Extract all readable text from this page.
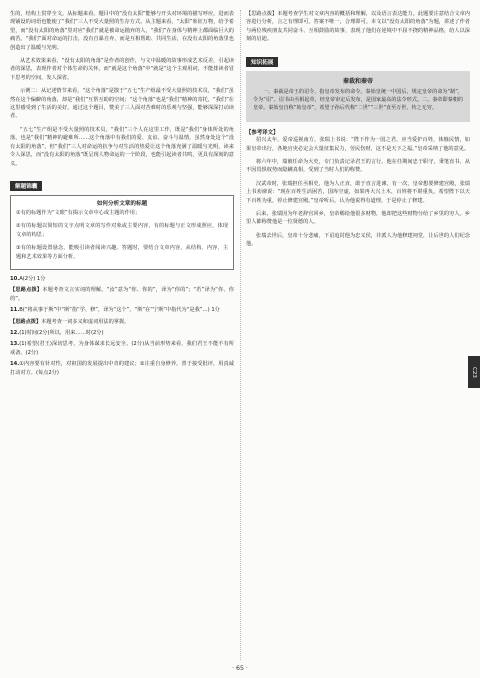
生的，结构上贯穿全文。从标题来看，题目中的“没有太阳”能够与开头对环境的描写呼应，进而表现铺设的词语也能使了“我们”三人不受大量照的生存方式。从主题来看，“太阳”象征万物，给予希望，而“没有太阳的角落”里对应“我们”就是被命运抛弃的人，“我们”在身体与精神上都面临巨大的痛苦。“我们”面对命运的打击，没有自暴自弃，而是互相帮助、共同生活，在没有太阳的角落里也创造出了温暖与光明。

从艺术效果来看，“没有太阳的角落”是作者的创作，与文中温暖的故事形成艺术反差，引起读者的深思，表现作者对个体生命的关怀。而“就是这个角落”中“就是”这个主观用词，不能排读者冒下思考的空间，发人深省。

示例二：从记述情节来看，“这个角落”是散于“五七”生产组最不受大量照的技术员，“我们”虽然在这个偏僻的角落，却是“我们”互帮互助的空间；“这个角落”也是“我们”精神的寄托，“我们”在这里感受到了生活的美好。通过这个题目，赞美了三人面对苦难时的乐观与坚强，能够深深打动读者。

“五七”生产组是不受大量照的技术员，“我们”三个人在这里工作，既是“我们”身体所处的角落，也是“我们”精神的避难所……这个角落中有我们的爱、友谊、奋斗与温情，虽然身处这个“没有太阳的角落”，但“我们”三人对命运的抗争与对生活的热爱让这个角落充满了温暖与光明，读来令人深思，而“没有太阳的角落”既呈现人物命运的一个阶段，也能引起读者共鸣，更具有深刻的意义。

解题锦囊
如何分析文章的标题

①有的标题作为“文眼”有揭示文章中心或主题的作用；

②有的标题以简短的文字点明文章的写作对象或主要内容，有的标题与正文形成照应，体现文章的构思；

③有的标题设置悬念，能吸引读者阅读兴趣。答题时，要结合文章内容，从结构、内容、主题和艺术效果等方面分析。

10.A(2分) 1分

【思路点拨】本题考查文言实词的理解。“汝”意为“你、你的”，译为“你的”；“若”译为“你、你的”。

11.B(“将从事于斯”中“斯”指“学、修”，译为“这个”，“斯”在“宁斯”中指代为“是我”…) 1分

【思路点拨】本题考查一词多义和虚词用法的掌握。

12.(1)时间(2分)所以，用来……时(2分)

13.(1)希望(君王)深切思考，为身体谋求长远安全。(2分)从当前形势来看，我们君王不能不有所戒备。(2分)

14.①内容要有针对性，对祖国的发展提出中肯的建议；②注重自身修养，善于接受批评，用真诚打动对方。(每点2分)

【思路点拨】本题考查学生对文章内容的概括和理解，以及语言表达能力。此题要注意结合文章内容进行分析，言之有理即可。答案不唯一，合理即可。本文以“没有太阳的角落”为题，讲述了作者与两位残疾朋友共同奋斗、互相鼓励的故事，表现了他们在逆境中不屈不挠的精神品格，给人以深刻的启迪。

知识拓展
秦裁和秦帝

一、秦裁是帝王的诏令，指皇帝发布的命令。秦始皇统一中国后，规定皇帝的命为“制”，令为“诏”。诏书由丞相起草，经皇帝审定后发布，是国家最高的法令形式。二、秦帝即秦朝的皇帝。秦始皇自称“始皇帝”，希望子孙后代称“二世”“三世”直至万世，传之无穷。

【参考译文】

招兴太年，爱帝巡视南方，张瑞上书说：“陛下作为一国之君，应当爱护百姓，体恤民情，如果皇帝出行，各地官吏必定会大量征集民力，劳民伤财，这不是天下之福。”皇帝采纳了他的意见。

将六年中，瑞被任命为大史，专门负责记录君王的言行。他在任期间忠于职守，秉笔直书，从不因畏惧权势而隐瞒真相，受到了当时人们的称赞。

汉武帝时，张瑞担任丞相史，他为人正直，敢于直言进谏。有一次，皇帝想要修建宫殿，张瑞上书劝谏说：“现在百姓生活困苦，国库空虚，如果再大兴土木，百姓将不堪重负。希望陛下以天下百姓为重，停止修建宫殿。”皇帝听后，认为他说得有道理，于是停止了修建。

后来，张瑞因为年老辞官回乡，皇帝赐给他很多财物，他却把这些财物分给了乡里的穷人。乡里人都称赞他是一位贤德的人。

张瑞去世后，皇帝十分悲痛，下诏追封他为忠义侯，并派人为他修建祠堂，让后世的人们纪念他。

C23
· 65 ·
